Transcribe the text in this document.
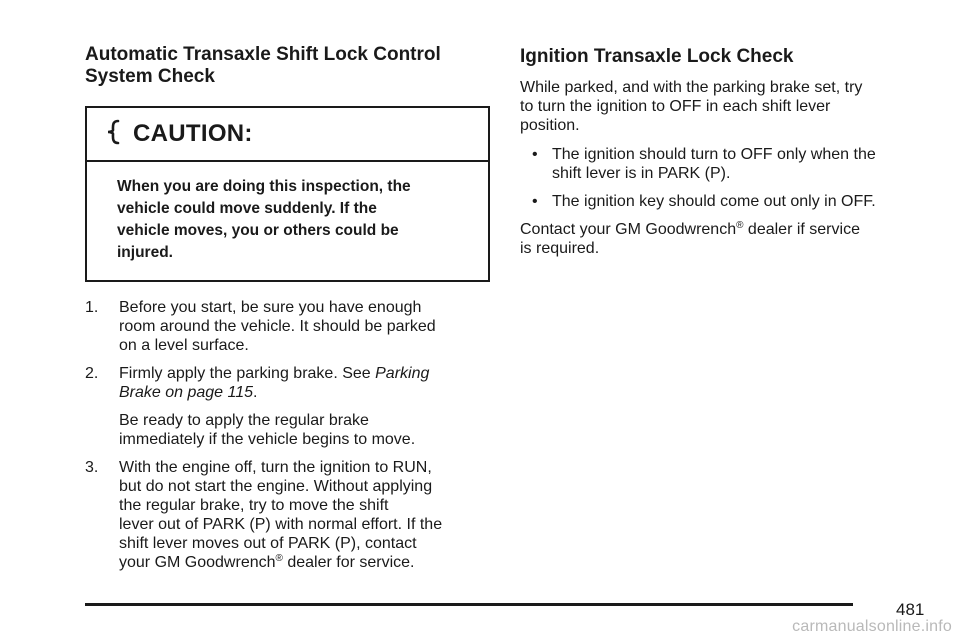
Automatic Transaxle Shift Lock Control
System Check
CAUTION:
When you are doing this inspection, the
vehicle could move suddenly. If the
vehicle moves, you or others could be
injured.
1. Before you start, be sure you have enough
room around the vehicle. It should be parked
on a level surface.
2. Firmly apply the parking brake. See Parking
Brake on page 115.
Be ready to apply the regular brake
immediately if the vehicle begins to move.
3. With the engine off, turn the ignition to RUN,
but do not start the engine. Without applying
the regular brake, try to move the shift
lever out of PARK (P) with normal effort. If the
shift lever moves out of PARK (P), contact
your GM Goodwrench® dealer for service.
Ignition Transaxle Lock Check

While parked, and with the parking brake set, try
to turn the ignition to OFF in each shift lever
position.

• The ignition should turn to OFF only when the
shift lever is in PARK (P).
• The ignition key should come out only in OFF.

Contact your GM Goodwrench® dealer if service
is required.

481
carmanualsonline.info
